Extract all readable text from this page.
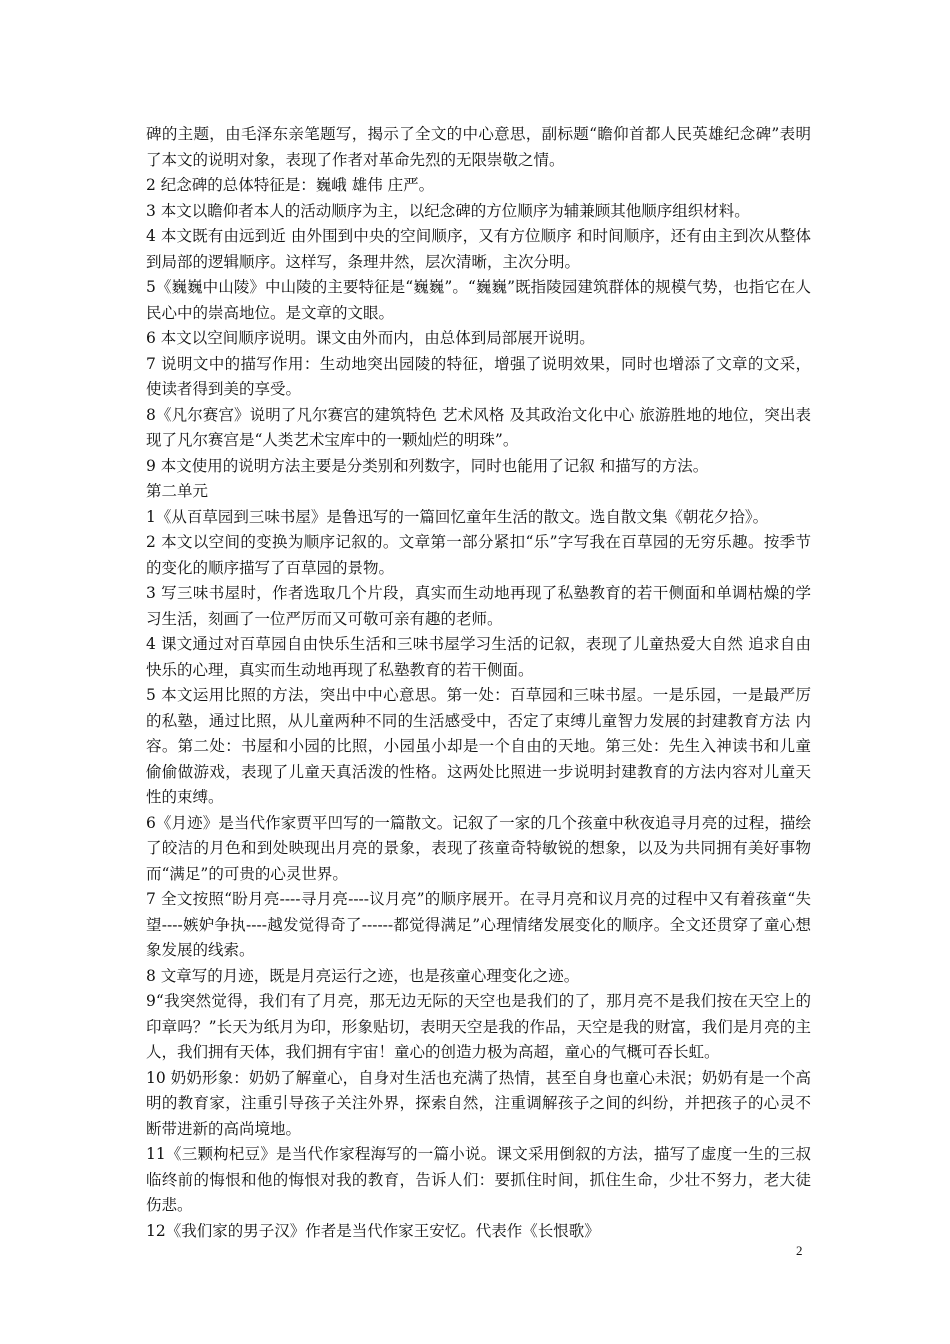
碑的主题，由毛泽东亲笔题写，揭示了全文的中心意思，副标题“瞻仰首都人民英雄纪念碑”表明了本文的说明对象，表现了作者对革命先烈的无限崇敬之情。

2 纪念碑的总体特征是：巍峨 雄伟 庄严。

3 本文以瞻仰者本人的活动顺序为主，以纪念碑的方位顺序为辅兼顾其他顺序组织材料。

4 本文既有由远到近 由外围到中央的空间顺序，又有方位顺序 和时间顺序，还有由主到次从整体到局部的逻辑顺序。这样写，条理井然，层次清晰，主次分明。

5《巍巍中山陵》中山陵的主要特征是“巍巍”。“巍巍”既指陵园建筑群体的规模气势，也指它在人民心中的崇高地位。是文章的文眼。

6 本文以空间顺序说明。课文由外而内，由总体到局部展开说明。

7 说明文中的描写作用：生动地突出园陵的特征，增强了说明效果，同时也增添了文章的文采，使读者得到美的享受。

8《凡尔赛宫》说明了凡尔赛宫的建筑特色 艺术风格 及其政治文化中心 旅游胜地的地位，突出表现了凡尔赛宫是“人类艺术宝库中的一颗灿烂的明珠”。

9 本文使用的说明方法主要是分类别和列数字，同时也能用了记叙 和描写的方法。

第二单元

1《从百草园到三味书屋》是鲁迅写的一篇回忆童年生活的散文。选自散文集《朝花夕拾》。

2 本文以空间的变换为顺序记叙的。文章第一部分紧扣“乐”字写我在百草园的无穷乐趣。按季节的变化的顺序描写了百草园的景物。

3 写三味书屋时，作者选取几个片段，真实而生动地再现了私塾教育的若干侧面和单调枯燥的学习生活，刻画了一位严厉而又可敬可亲有趣的老师。

4 课文通过对百草园自由快乐生活和三味书屋学习生活的记叙，表现了儿童热爱大自然 追求自由快乐的心理，真实而生动地再现了私塾教育的若干侧面。

5 本文运用比照的方法，突出中中心意思。第一处：百草园和三味书屋。一是乐园，一是最严厉的私塾，通过比照，从儿童两种不同的生活感受中，否定了束缚儿童智力发展的封建教育方法 内容。第二处：书屋和小园的比照，小园虽小却是一个自由的天地。第三处：先生入神读书和儿童偷偷做游戏，表现了儿童天真活泼的性格。这两处比照进一步说明封建教育的方法内容对儿童天性的束缚。

6《月迹》是当代作家贾平凹写的一篇散文。记叙了一家的几个孩童中秋夜追寻月亮的过程，描绘了皎洁的月色和到处映现出月亮的景象，表现了孩童奇特敏锐的想象，以及为共同拥有美好事物而“满足”的可贵的心灵世界。

7 全文按照“盼月亮----寻月亮----议月亮”的顺序展开。在寻月亮和议月亮的过程中又有着孩童“失望----嫉妒争执----越发觉得奇了------都觉得满足”心理情绪发展变化的顺序。全文还贯穿了童心想象发展的线索。

8 文章写的月迹，既是月亮运行之迹，也是孩童心理变化之迹。

9“我突然觉得，我们有了月亮，那无边无际的天空也是我们的了，那月亮不是我们按在天空上的印章吗？”长天为纸月为印，形象贴切，表明天空是我的作品，天空是我的财富，我们是月亮的主人，我们拥有天体，我们拥有宇宙！童心的创造力极为高超，童心的气概可吞长虹。

10 奶奶形象：奶奶了解童心，自身对生活也充满了热情，甚至自身也童心未泯；奶奶有是一个高明的教育家，注重引导孩子关注外界，探索自然，注重调解孩子之间的纠纷，并把孩子的心灵不断带进新的高尚境地。

11《三颗枸杞豆》是当代作家程海写的一篇小说。课文采用倒叙的方法，描写了虚度一生的三叔临终前的悔恨和他的悔恨对我的教育，告诉人们：要抓住时间，抓住生命，少壮不努力，老大徒伤悲。

12《我们家的男子汉》作者是当代作家王安忆。代表作《长恨歌》

2
